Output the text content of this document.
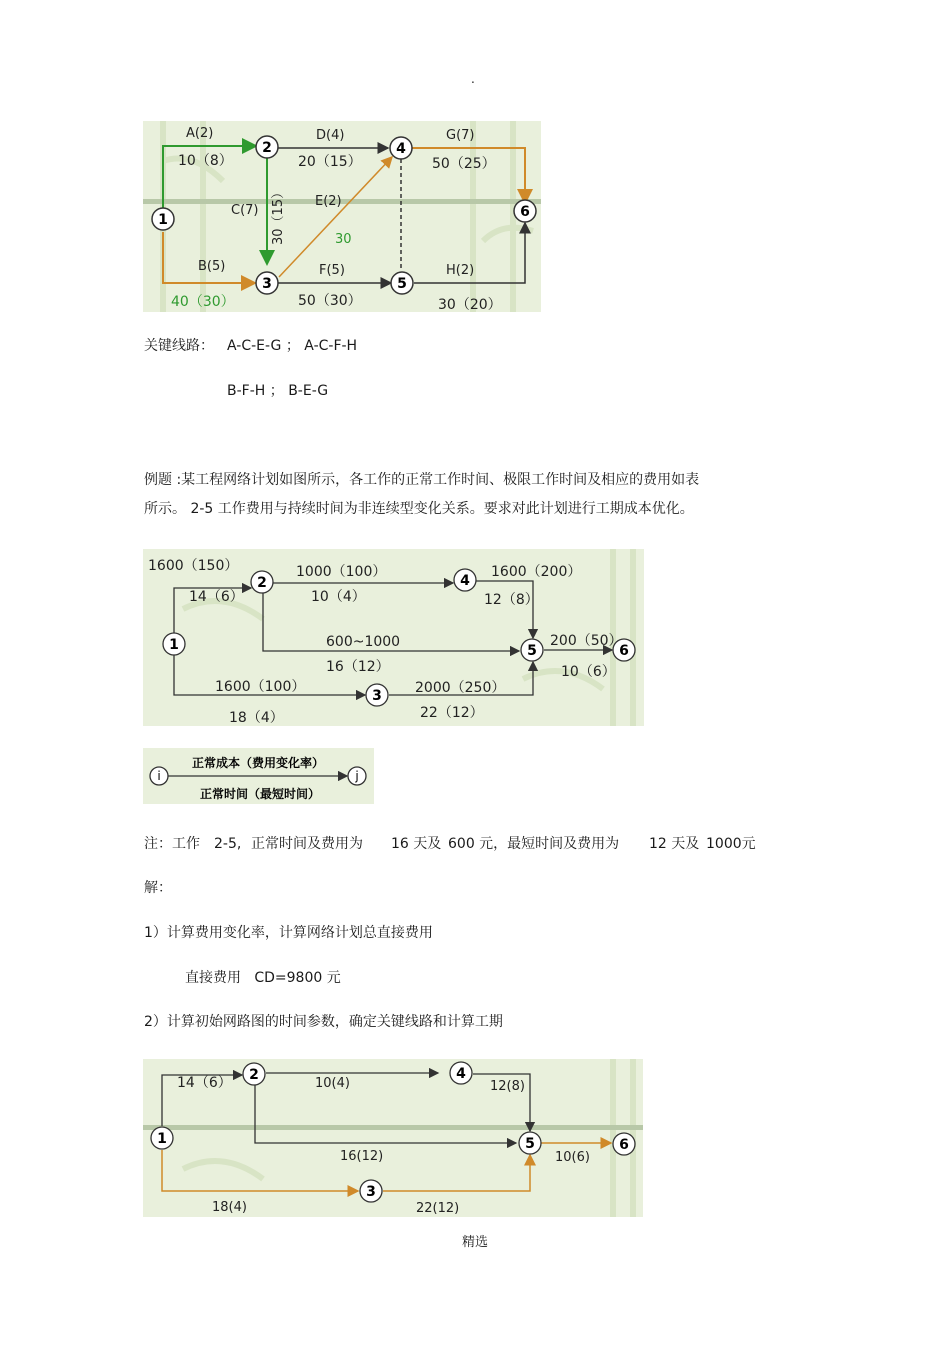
.
1
2
3
4
5
6
A(2)
10（8）
D(4)
20（15）
G(7)
50（25）
C(7) 30（15） E(2)
30
B(5)
40（30）
F(5)
50（30）
H(2)
30（20）
关键线路： A-C-E-G ； A-C-F-H
B-F-H ； B-E-G
例题 :某工程网络计划如图所示，各工作的正常工作时间、极限工作时间及相应的费用如表
所示。 2-5 工作费用与持续时间为非连续型变化关系。要求对此计划进行工期成本优化。
1
2
3
4
5	6
1600（150）
14（6）
1000（100）
10（4）
1600（200）
12（8）
600~1000
16（12）
200（50）
10（6）
1600（100）
18（4）
2000（250）
22（12）
i	j
正常成本（费用变化率）
正常时间（最短时间）
注：工作 2-5, 正常时间及费用为 16 天及 600 元，最短时间及费用为 12 天及 1000元
解：
1）计算费用变化率，计算网络计划总直接费用
直接费用   CD=9800 元
2）计算初始网路图的时间参数，确定关键线路和计算工期
1
2
3
4
5	6
14（6）	10(4)	12(8)
16(12)	10(6)
18(4)	22(12)
精选
